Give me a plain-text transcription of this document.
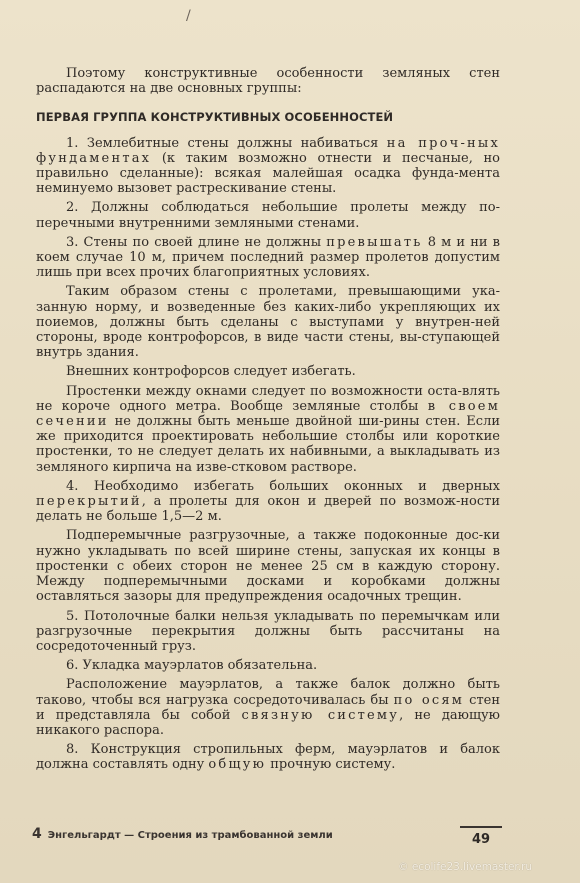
/

Поэтому конструктивные особенности земляных стен распадаются на две основных группы:

ПЕРВАЯ ГРУППА КОНСТРУКТИВНЫХ ОСОБЕННОСТЕЙ

1. Землебитные стены должны набиваться на проч-ных фундаментах (к таким возможно отнести и песчаные, но правильно сделанные): всякая малейшая осадка фунда-мента неминуемо вызовет растрескивание стены.

2. Должны соблюдаться небольшие пролеты между по-перечными внутренними земляными стенами.

3. Стены по своей длине не должны превышать 8 м и ни в коем случае 10 м, причем последний размер пролетов допустим лишь при всех прочих благоприятных условиях.

Таким образом стены с пролетами, превышающими ука-занную норму, и возведенные без каких-либо укрепляющих их поиемов, должны быть сделаны с выступами у внутрен-ней стороны, вроде контрофорсов, в виде части стены, вы-ступающей внутрь здания.

Внешних контрофорсов следует избегать.

Простенки между окнами следует по возможности оста-влять не короче одного метра. Вообще земляные столбы в своем сечении не должны быть меньше двойной ши-рины стен. Если же приходится проектировать небольшие столбы или короткие простенки, то не следует делать их набивными, а выкладывать из земляного кирпича на изве-стковом растворе.

4. Необходимо избегать больших оконных и дверных перекрытий, а пролеты для окон и дверей по возмож-ности делать не больше 1,5—2 м.

Подперемычные разгрузочные, а также подоконные дос-ки нужно укладывать по всей ширине стены, запуская их концы в простенки с обеих сторон не менее 25 см в каждую сторону. Между подперемычными досками и коробками должны оставляться зазоры для предупреждения осадочных трещин.

5. Потолочные балки нельзя укладывать по перемычкам или разгрузочные перекрытия должны быть рассчитаны на сосредоточенный груз.

6. Укладка мауэрлатов обязательна.

Расположение мауэрлатов, а также балок должно быть таково, чтобы вся нагрузка сосредоточивалась бы по осям стен и представляла бы собой связную систему, не дающую никакого распора.

8. Конструкция стропильных ферм, мауэрлатов и балок должна составлять одну общую прочную систему.

4 Энгельгардт — Строения из трамбованной земли	49
© ecolife23.livemaster.ru
